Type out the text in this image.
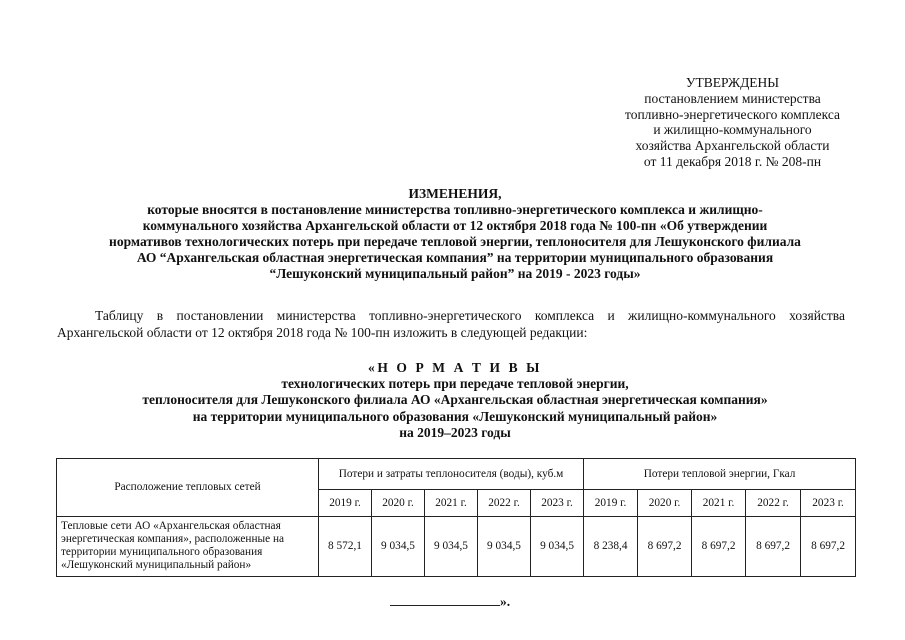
УТВЕРЖДЕНЫ
постановлением министерства
топливно-энергетического комплекса
и жилищно-коммунального
хозяйства Архангельской области
от 11 декабря 2018 г. № 208-пн
ИЗМЕНЕНИЯ,
которые вносятся в постановление министерства топливно-энергетического комплекса и жилищно-
коммунального хозяйства Архангельской области от 12 октября 2018 года № 100-пн «Об утверждении
нормативов технологических потерь при передаче тепловой энергии, теплоносителя для Лешуконского филиала
АО “Архангельская областная энергетическая компания” на территории муниципального образования
“Лешуконский муниципальный район” на 2019 - 2023 годы»
Таблицу в постановлении министерства топливно-энергетического комплекса и жилищно-коммунального хозяйства Архангельской области от 12 октября 2018 года № 100-пн изложить в следующей редакции:
«Н О Р М А Т И В Ы
технологических потерь при передаче тепловой энергии,
теплоносителя для Лешуконского филиала АО «Архангельская областная энергетическая компания»
на территории муниципального образования «Лешуконский муниципальный район»
на 2019–2023 годы
Расположение тепловых сетей	Потери и затраты теплоносителя (воды), куб.м					Потери тепловой энергии, Гкал				
	2019 г.	2020 г.	2021 г.	2022 г.	2023 г.	2019 г.	2020 г.	2021 г.	2022 г.	2023 г.
Тепловые сети АО «Архангельская областная энергетическая компания», расположенные на территории муниципального образования «Лешуконский муниципальный район»	8 572,1	9 034,5	9 034,5	9 034,5	9 034,5	8 238,4	8 697,2	8 697,2	8 697,2	8 697,2
».
